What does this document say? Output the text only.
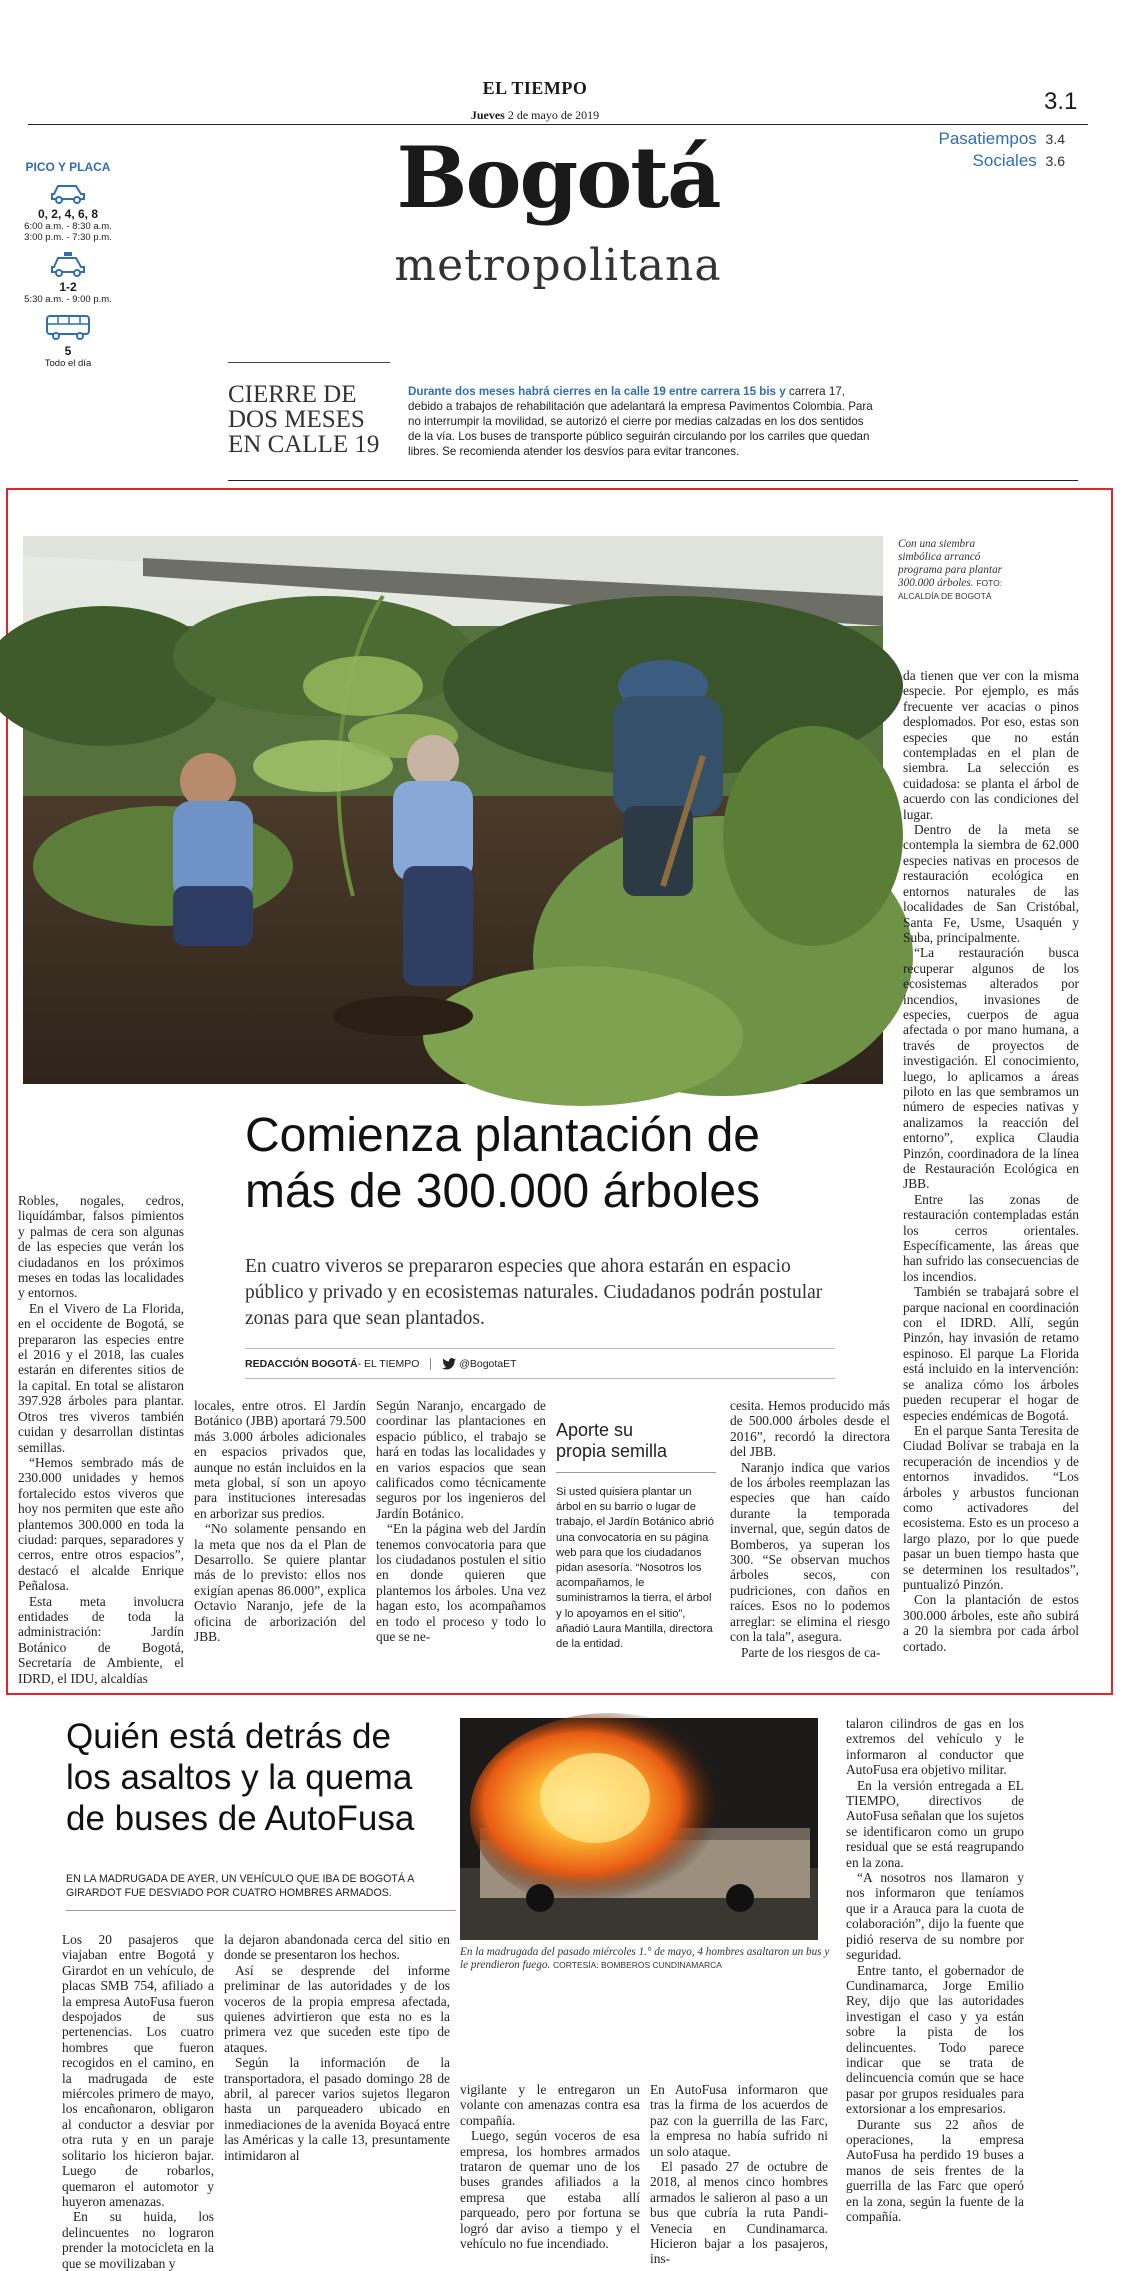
EL TIEMPO
Jueves 2 de mayo de 2019	3.1
Pasatiempos 3.4
Sociales 3.6
Bogotá
metropolitana
PICO Y PLACA
0, 2, 4, 6, 8
6:00 a.m. - 8:30 a.m.
3:00 p.m. - 7:30 p.m.
1-2
5:30 a.m. - 9:00 p.m.
5
Todo el día
CIERRE DE
DOS MESES
EN CALLE 19
Durante dos meses habrá cierres en la calle 19 entre carrera 15 bis y carrera 17, debido a trabajos de rehabilitación que adelantará la empresa Pavimentos Colombia. Para no interrumpir la movilidad, se autorizó el cierre por medias calzadas en los dos sentidos de la vía. Los buses de transporte público seguirán circulando por los carriles que quedan libres. Se recomienda atender los desvíos para evitar trancones.
Con una siembra simbólica arrancó programa para plantar 300.000 árboles. FOTO: ALCALDÍA DE BOGOTÁ
Comienza plantación de
más de 300.000 árboles
En cuatro viveros se prepararon especies que ahora estarán en espacio público y privado y en ecosistemas naturales. Ciudadanos podrán postular zonas para que sean plantados.
REDACCIÓN BOGOTÁ- EL TIEMPO	@BogotaET

Robles, nogales, cedros, liquidámbar, falsos pimientos y palmas de cera son algunas de las especies que verán los ciudadanos en los próximos meses en todas las localidades y entornos.

En el Vivero de La Florida, en el occidente de Bogotá, se prepararon las especies entre el 2016 y el 2018, las cuales estarán en diferentes sitios de la capital. En total se alistaron 397.928 árboles para plantar. Otros tres viveros también cuidan y desarrollan distintas semillas.

“Hemos sembrado más de 230.000 unidades y hemos fortalecido estos viveros que hoy nos permiten que este año plantemos 300.000 en toda la ciudad: parques, separadores y cerros, entre otros espacios”, destacó el alcalde Enrique Peñalosa.

Esta meta involucra entidades de toda la administración: Jardín Botánico de Bogotá, Secretaría de Ambiente, el IDRD, el IDU, alcaldías

locales, entre otros. El Jardín Botánico (JBB) aportará 79.500 más 3.000 árboles adicionales en espacios privados que, aunque no están incluidos en la meta global, sí son un apoyo para instituciones interesadas en arborizar sus predios.

“No solamente pensando en la meta que nos da el Plan de Desarrollo. Se quiere plantar más de lo previsto: ellos nos exigían apenas 86.000”, explica Octavio Naranjo, jefe de la oficina de arborización del JBB.

Según Naranjo, encargado de coordinar las plantaciones en espacio público, el trabajo se hará en todas las localidades y en varios espacios que sean calificados como técnicamente seguros por los ingenieros del Jardín Botánico.

“En la página web del Jardín tenemos convocatoria para que los ciudadanos postulen el sitio en donde quieren que plantemos los árboles. Una vez hagan esto, los acompañamos en todo el proceso y todo lo que se ne-

Aporte su
propia semilla
Si usted quisiera plantar un árbol en su barrio o lugar de trabajo, el Jardín Botánico abrió una convocatoria en su página web para que los ciudadanos pidan asesoría. “Nosotros los acompañamos, le suministramos la tierra, el árbol y lo apoyamos en el sitio”, añadió Laura Mantilla, directora de la entidad.

cesita. Hemos producido más de 500.000 árboles desde el 2016”, recordó la directora del JBB.

Naranjo indica que varios de los árboles reemplazan las especies que han caído durante la temporada invernal, que, según datos de Bomberos, ya superan los 300. “Se observan muchos árboles secos, con pudriciones, con daños en raíces. Esos no lo podemos arreglar: se elimina el riesgo con la tala”, asegura.

Parte de los riesgos de ca-

da tienen que ver con la misma especie. Por ejemplo, es más frecuente ver acacias o pinos desplomados. Por eso, estas son especies que no están contempladas en el plan de siembra. La selección es cuidadosa: se planta el árbol de acuerdo con las condiciones del lugar.

Dentro de la meta se contempla la siembra de 62.000 especies nativas en procesos de restauración ecológica en entornos naturales de las localidades de San Cristóbal, Santa Fe, Usme, Usaquén y Suba, principalmente.

“La restauración busca recuperar algunos de los ecosistemas alterados por incendios, invasiones de especies, cuerpos de agua afectada o por mano humana, a través de proyectos de investigación. El conocimiento, luego, lo aplicamos a áreas piloto en las que sembramos un número de especies nativas y analizamos la reacción del entorno”, explica Claudia Pinzón, coordinadora de la línea de Restauración Ecológica en JBB.

Entre las zonas de restauración contempladas están los cerros orientales. Específicamente, las áreas que han sufrido las consecuencias de los incendios.

También se trabajará sobre el parque nacional en coordinación con el IDRD. Allí, según Pinzón, hay invasión de retamo espinoso. El parque La Florida está incluido en la intervención: se analiza cómo los árboles pueden recuperar el hogar de especies endémicas de Bogotá.

En el parque Santa Teresita de Ciudad Bolívar se trabaja en la recuperación de incendios y de entornos invadidos. “Los árboles y arbustos funcionan como activadores del ecosistema. Esto es un proceso a largo plazo, por lo que puede pasar un buen tiempo hasta que se determinen los resultados”, puntualizó Pinzón.

Con la plantación de estos 300.000 árboles, este año subirá a 20 la siembra por cada árbol cortado.

Quién está detrás de
los asaltos y la quema
de buses de AutoFusa
EN LA MADRUGADA DE AYER, UN VEHÍCULO QUE IBA DE BOGOTÁ A GIRARDOT FUE DESVIADO POR CUATRO HOMBRES ARMADOS.
En la madrugada del pasado miércoles 1.° de mayo, 4 hombres asaltaron un bus y le prendieron fuego. CORTESÍA: BOMBEROS CUNDINAMARCA

Los 20 pasajeros que viajaban entre Bogotá y Girardot en un vehículo, de placas SMB 754, afiliado a la empresa AutoFusa fueron despojados de sus pertenencias. Los cuatro hombres que fueron recogidos en el camino, en la madrugada de este miércoles primero de mayo, los encañonaron, obligaron al conductor a desviar por otra ruta y en un paraje solitario los hicieron bajar. Luego de robarlos, quemaron el automotor y huyeron amenazas.

En su huida, los delincuentes no lograron prender la motocicleta en la que se movilizaban y

la dejaron abandonada cerca del sitio en donde se presentaron los hechos.

Así se desprende del informe preliminar de las autoridades y de los voceros de la propia empresa afectada, quienes advirtieron que esta no es la primera vez que suceden este tipo de ataques.

Según la información de la transportadora, el pasado domingo 28 de abril, al parecer varios sujetos llegaron hasta un parqueadero ubicado en inmediaciones de la avenida Boyacá entre las Américas y la calle 13, presuntamente intimidaron al

vigilante y le entregaron un volante con amenazas contra esa compañía.

Luego, según voceros de esa empresa, los hombres armados trataron de quemar uno de los buses grandes afiliados a la empresa que estaba allí parqueado, pero por fortuna se logró dar aviso a tiempo y el vehículo no fue incendiado.

En AutoFusa informaron que tras la firma de los acuerdos de paz con la guerrilla de las Farc, la empresa no había sufrido ni un solo ataque.

El pasado 27 de octubre de 2018, al menos cinco hombres armados le salieron al paso a un bus que cubría la ruta Pandi-Venecia en Cundinamarca. Hicieron bajar a los pasajeros, ins-

talaron cilindros de gas en los extremos del vehículo y le informaron al conductor que AutoFusa era objetivo militar.

En la versión entregada a EL TIEMPO, directivos de AutoFusa señalan que los sujetos se identificaron como un grupo residual que se está reagrupando en la zona.

“A nosotros nos llamaron y nos informaron que teníamos que ir a Arauca para la cuota de colaboración”, dijo la fuente que pidió reserva de su nombre por seguridad.

Entre tanto, el gobernador de Cundinamarca, Jorge Emilio Rey, dijo que las autoridades investigan el caso y ya están sobre la pista de los delincuentes. Todo parece indicar que se trata de delincuencia común que se hace pasar por grupos residuales para extorsionar a los empresarios.

Durante sus 22 años de operaciones, la empresa AutoFusa ha perdido 19 buses a manos de seis frentes de la guerrilla de las Farc que operó en la zona, según la fuente de la compañía.
